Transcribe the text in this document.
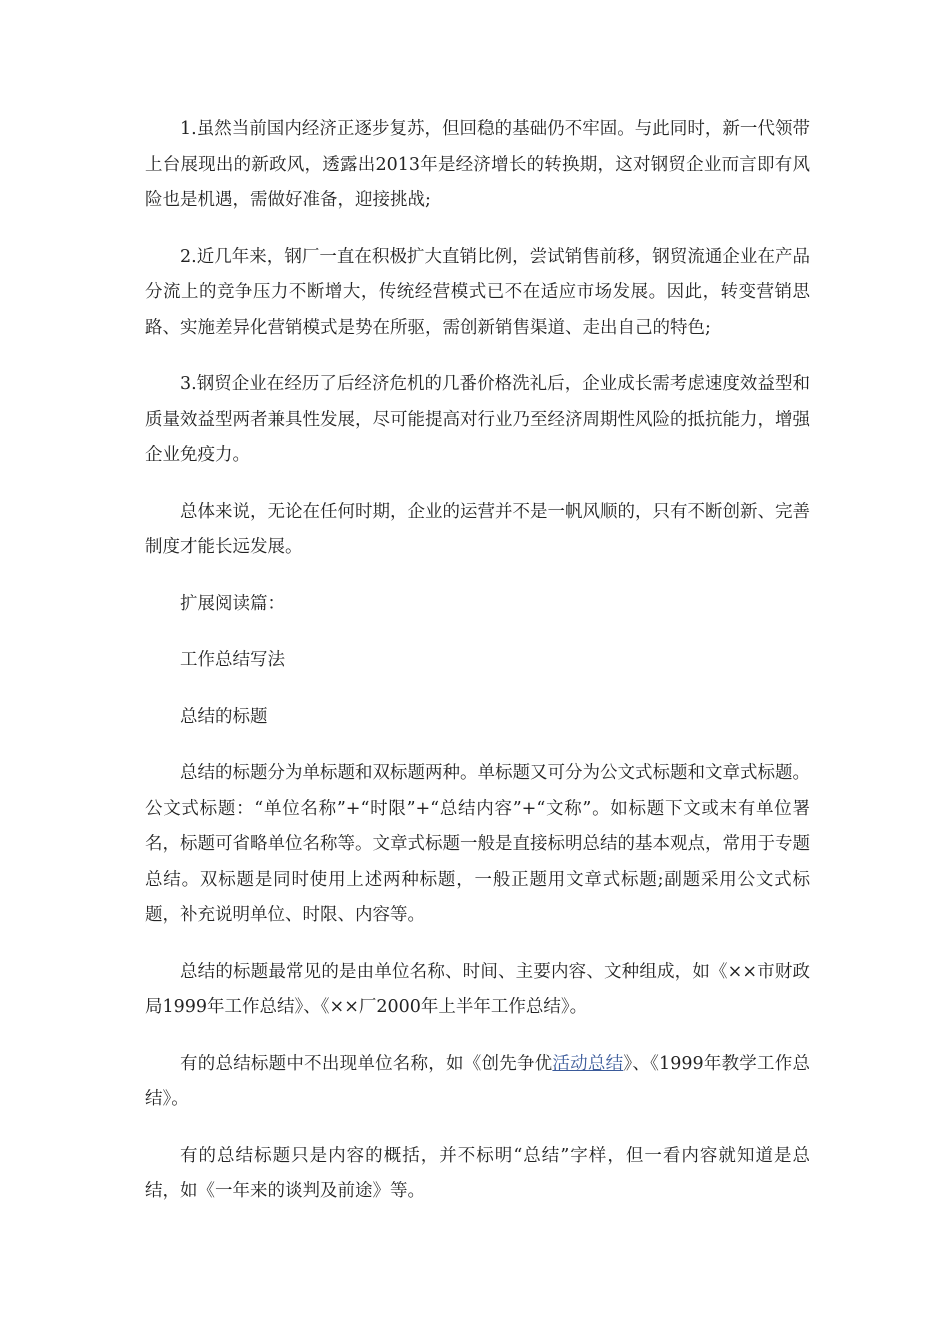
1.虽然当前国内经济正逐步复苏，但回稳的基础仍不牢固。与此同时，新一代领带上台展现出的新政风，透露出2013年是经济增长的转换期，这对钢贸企业而言即有风险也是机遇，需做好准备，迎接挑战;

2.近几年来，钢厂一直在积极扩大直销比例，尝试销售前移，钢贸流通企业在产品分流上的竞争压力不断增大，传统经营模式已不在适应市场发展。因此，转变营销思路、实施差异化营销模式是势在所驱，需创新销售渠道、走出自己的特色;

3.钢贸企业在经历了后经济危机的几番价格洗礼后，企业成长需考虑速度效益型和质量效益型两者兼具性发展，尽可能提高对行业乃至经济周期性风险的抵抗能力，增强企业免疫力。

总体来说，无论在任何时期，企业的运营并不是一帆风顺的，只有不断创新、完善制度才能长远发展。

扩展阅读篇：

工作总结写法

总结的标题

总结的标题分为单标题和双标题两种。单标题又可分为公文式标题和文章式标题。公文式标题：“单位名称”+“时限”+“总结内容”+“文称”。如标题下文或末有单位署名，标题可省略单位名称等。文章式标题一般是直接标明总结的基本观点，常用于专题总结。双标题是同时使用上述两种标题，一般正题用文章式标题;副题采用公文式标题，补充说明单位、时限、内容等。

总结的标题最常见的是由单位名称、时间、主要内容、文种组成，如《××市财政局1999年工作总结》、《××厂2000年上半年工作总结》。

有的总结标题中不出现单位名称，如《创先争优活动总结》、《1999年教学工作总结》。

有的总结标题只是内容的概括，并不标明“总结”字样，但一看内容就知道是总结，如《一年来的谈判及前途》等。
